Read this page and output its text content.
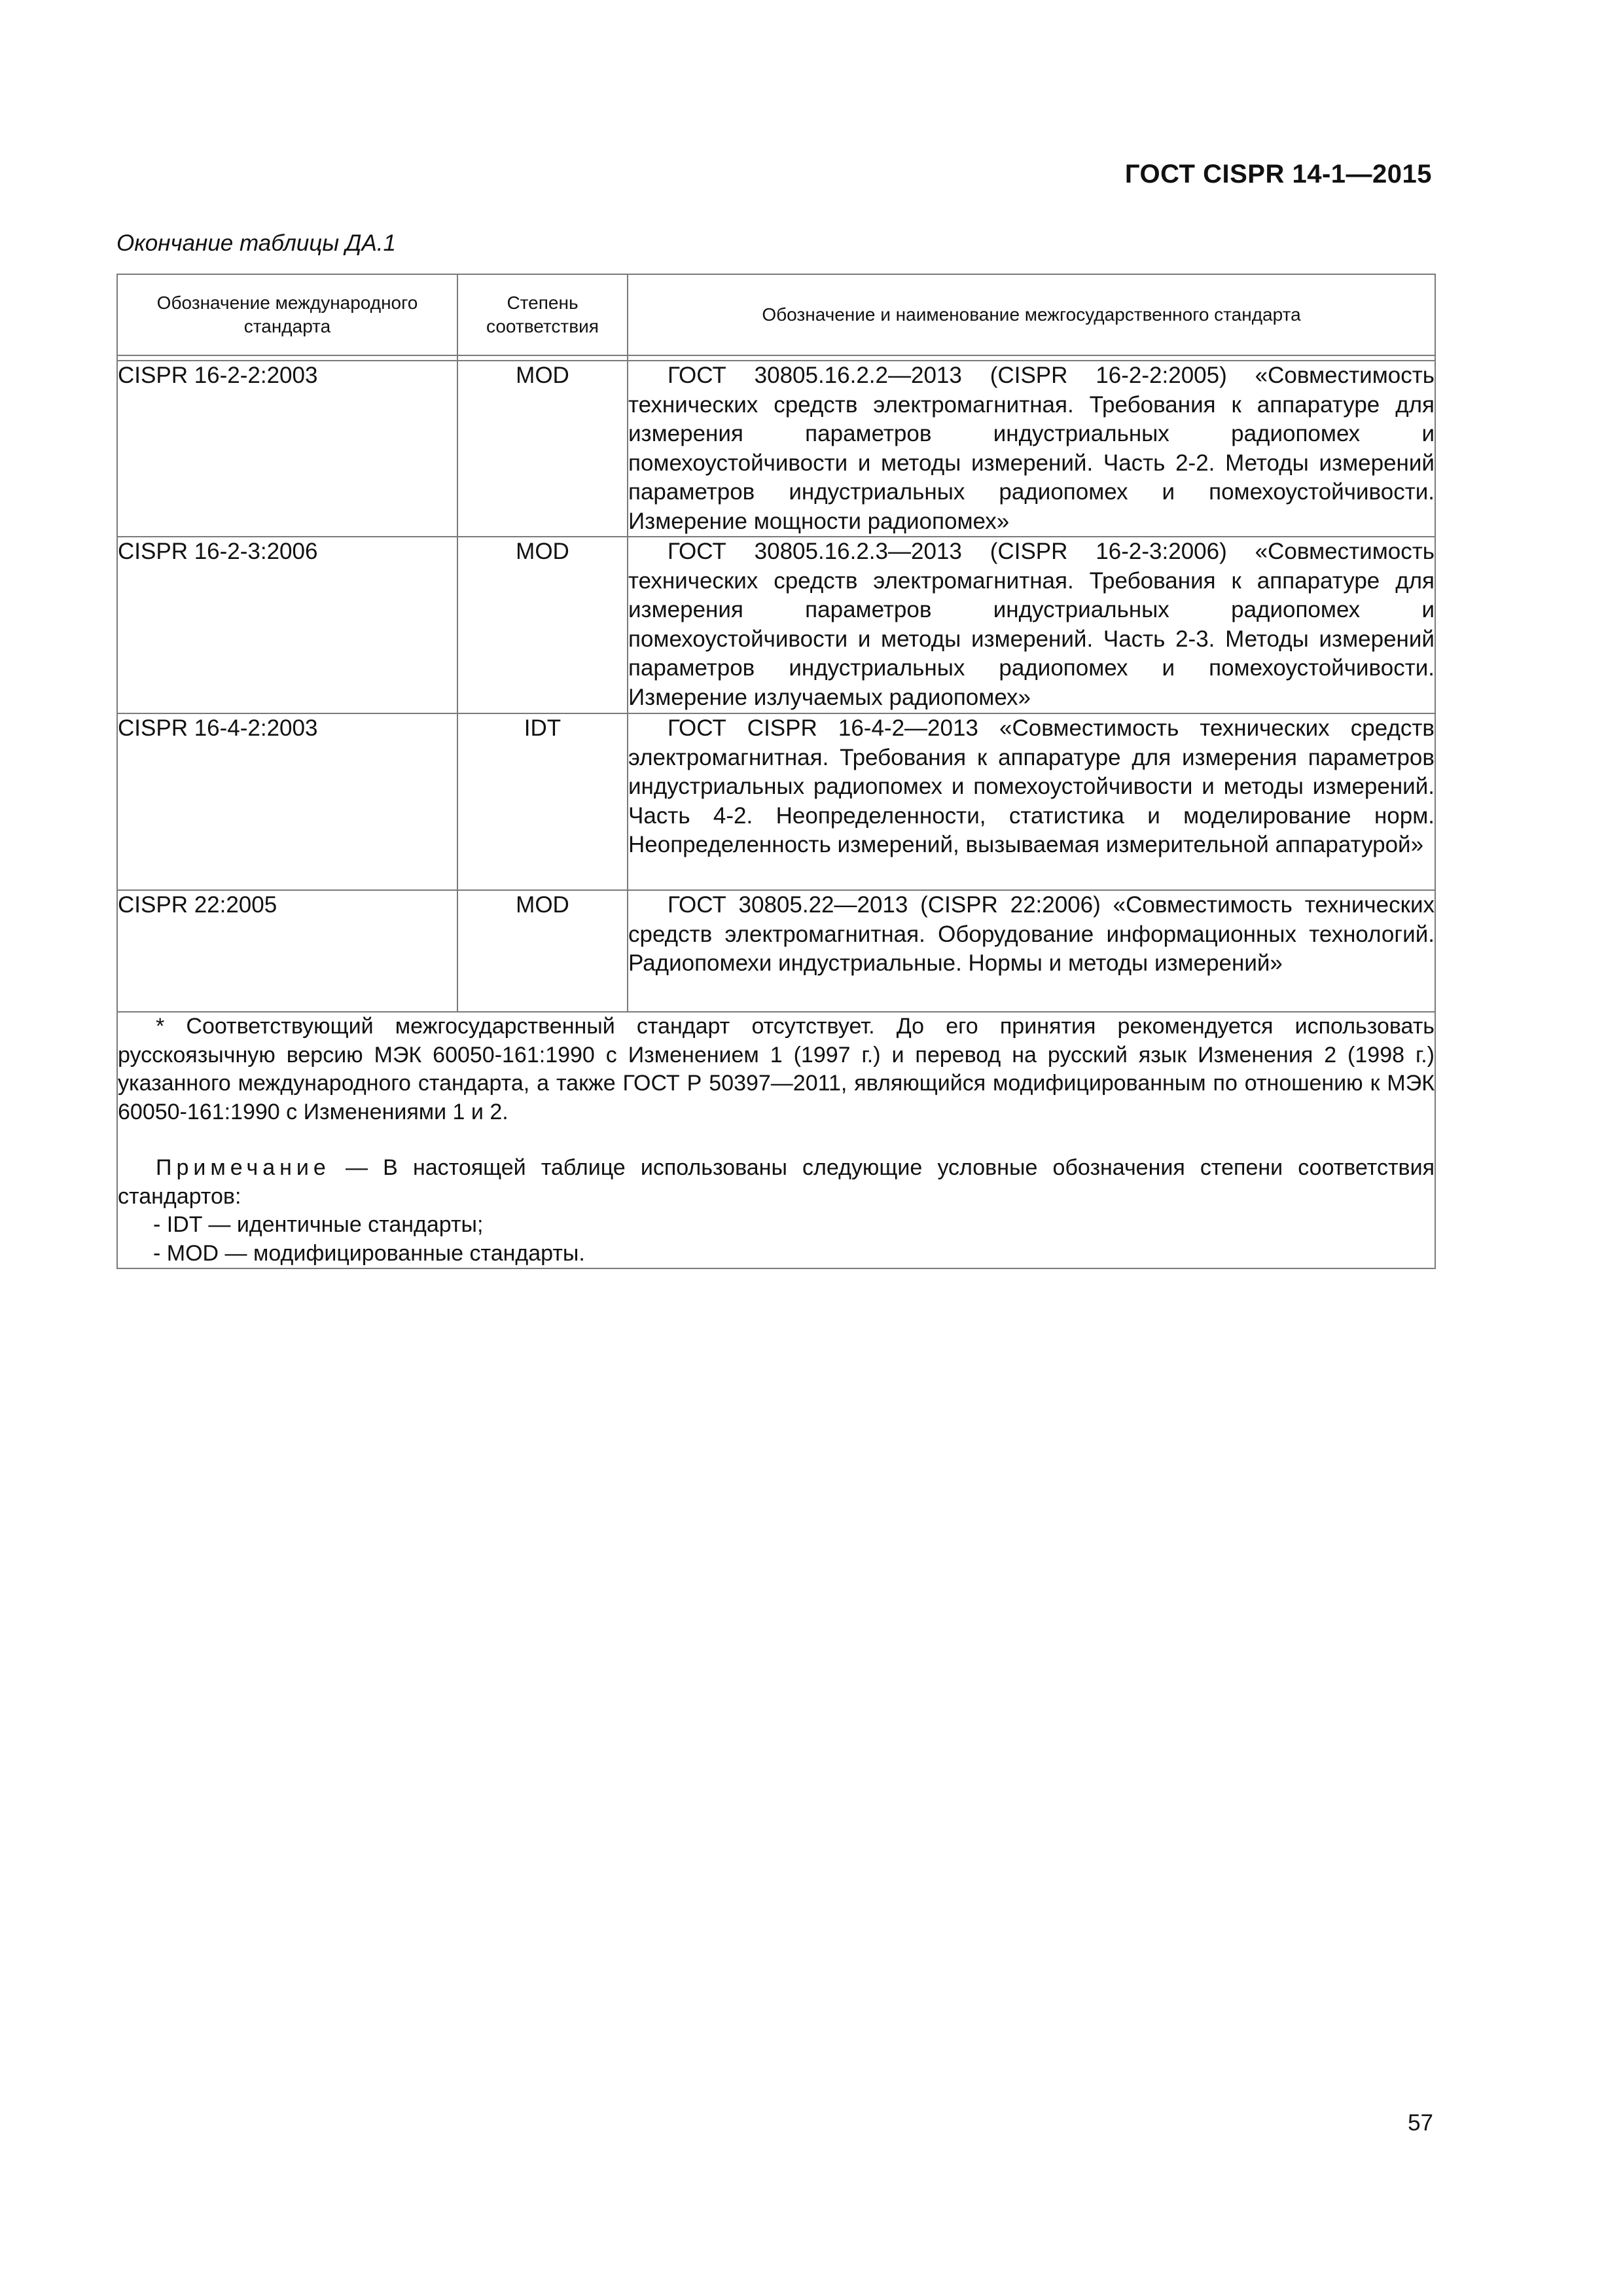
ГОСТ CISPR 14-1—2015
Окончание таблицы ДА.1
Обозначение международного стандарта	Степень соответствия	Обозначение и наименование межгосударственного стандарта

CISPR 16-2-2:2003	MOD	ГОСТ 30805.16.2.2—2013 (CISPR 16-2-2:2005) «Совместимость технических средств электромагнитная. Требования к аппаратуре для измерения параметров индустриальных радиопомех и помехоустойчивости и методы измерений. Часть 2-2. Методы измерений параметров индустриальных радиопомех и помехоустойчивости. Измерение мощности радиопомех»
CISPR 16-2-3:2006	MOD	ГОСТ 30805.16.2.3—2013 (CISPR 16-2-3:2006) «Совместимость технических средств электромагнитная. Требования к аппаратуре для измерения параметров индустриальных радиопомех и помехоустойчивости и методы измерений. Часть 2-3. Методы измерений параметров индустриальных радиопомех и помехоустойчивости. Измерение излучаемых радиопомех»
CISPR 16-4-2:2003	IDT	ГОСТ CISPR 16-4-2—2013 «Совместимость технических средств электромагнитная. Требования к аппаратуре для измерения параметров индустриальных радиопомех и помехоустойчивости и методы измерений. Часть 4-2. Неопределенности, статистика и моделирование норм. Неопределенность измерений, вызываемая измерительной аппаратурой»
CISPR 22:2005	MOD	ГОСТ 30805.22—2013 (CISPR 22:2006) «Совместимость технических средств электромагнитная. Оборудование информационных технологий. Радиопомехи индустриальные. Нормы и методы измерений»

* Соответствующий межгосударственный стандарт отсутствует. До его принятия рекомендуется использовать русскоязычную версию МЭК 60050-161:1990 с Изменением 1 (1997 г.) и перевод на русский язык Изменения 2 (1998 г.) указанного международного стандарта, а также ГОСТ Р 50397—2011, являющийся модифицированным по отношению к МЭК 60050-161:1990 с Изменениями 1 и 2.

Примечание — В настоящей таблице использованы следующие условные обозначения степени соответствия стандартов:

- IDT — идентичные стандарты;

- MOD — модифицированные стандарты.		

57
